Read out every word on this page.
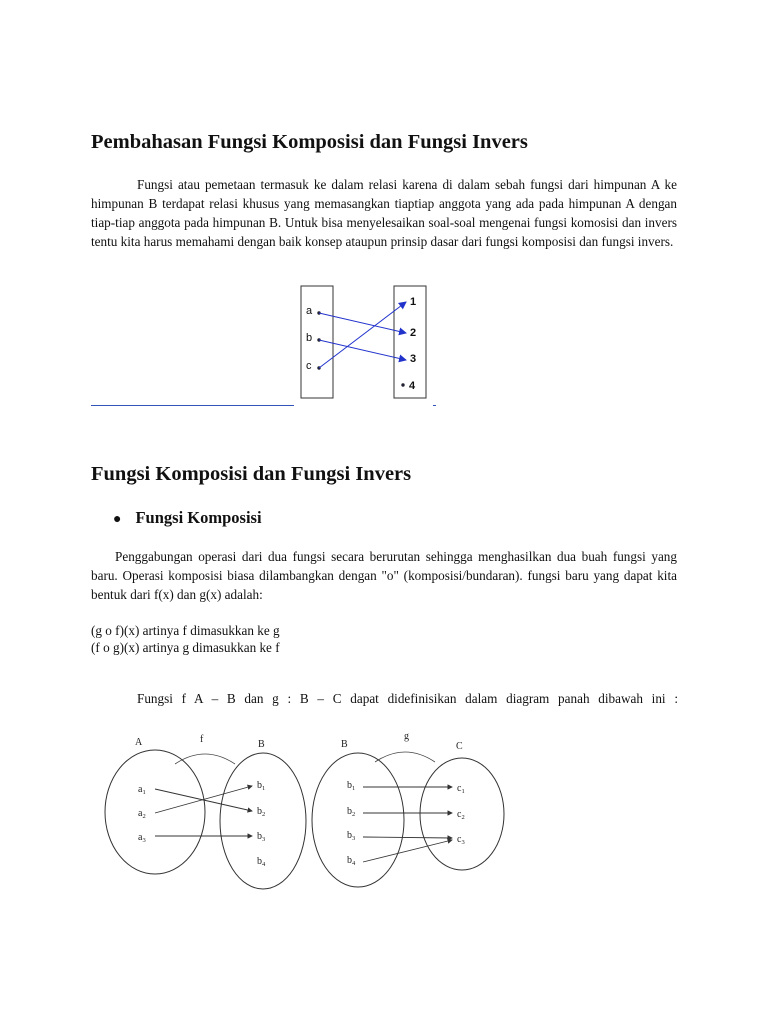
Pembahasan Fungsi Komposisi dan Fungsi Invers

Fungsi atau pemetaan termasuk ke dalam relasi karena di dalam sebah fungsi dari himpunan A ke himpunan B terdapat relasi khusus yang memasangkan tiaptiap anggota yang ada pada himpunan A dengan tiap-tiap anggota pada himpunan B. Untuk bisa menyelesaikan soal-soal mengenai fungsi komosisi dan invers tentu kita harus memahami dengan baik konsep ataupun prinsip dasar dari fungsi komposisi dan fungsi invers.

a
b
c
1
2
3
4
Fungsi Komposisi dan Fungsi Invers
● Fungsi Komposisi

Penggabungan operasi dari dua fungsi secara berurutan sehingga menghasilkan dua buah fungsi yang baru. Operasi komposisi biasa dilambangkan dengan "o" (komposisi/bundaran). fungsi baru yang dapat kita bentuk dari f(x) dan g(x) adalah:

(g o f)(x) artinya f dimasukkan ke g

(f o g)(x) artinya g dimasukkan ke f

Fungsi f A – B dan g : B – C dapat didefinisikan dalam diagram panah dibawah ini :

A	B
f
$a_1$
$a_2$
$a_3$
$b_1$
$b_2$
$b_3$
$b_4$
B	C
g
$b_1$
$b_2$
$b_3$
$b_4$
$c_1$
$c_2$
$c_3$
